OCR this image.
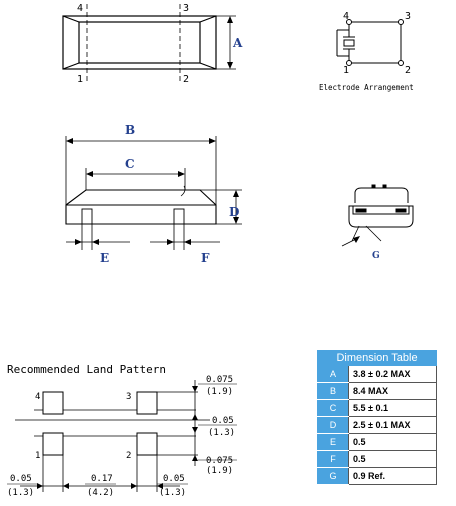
4	3
1	2
A
4	3
1	2
Electrode Arrangement
B
C
D
E	F	G
Recommended Land Pattern
4	3
1	2
0.075
(1.9)
0.05
(1.3)
0.075
(1.9)
0.05
(1.3)
0.17
(4.2)
0.05
(1.3)
Dimension Table	
A	3.8 ± 0.2 MAX
B	8.4 MAX
C	5.5 ± 0.1
D	2.5 ± 0.1 MAX
E	0.5
F	0.5
G	0.9 Ref.
